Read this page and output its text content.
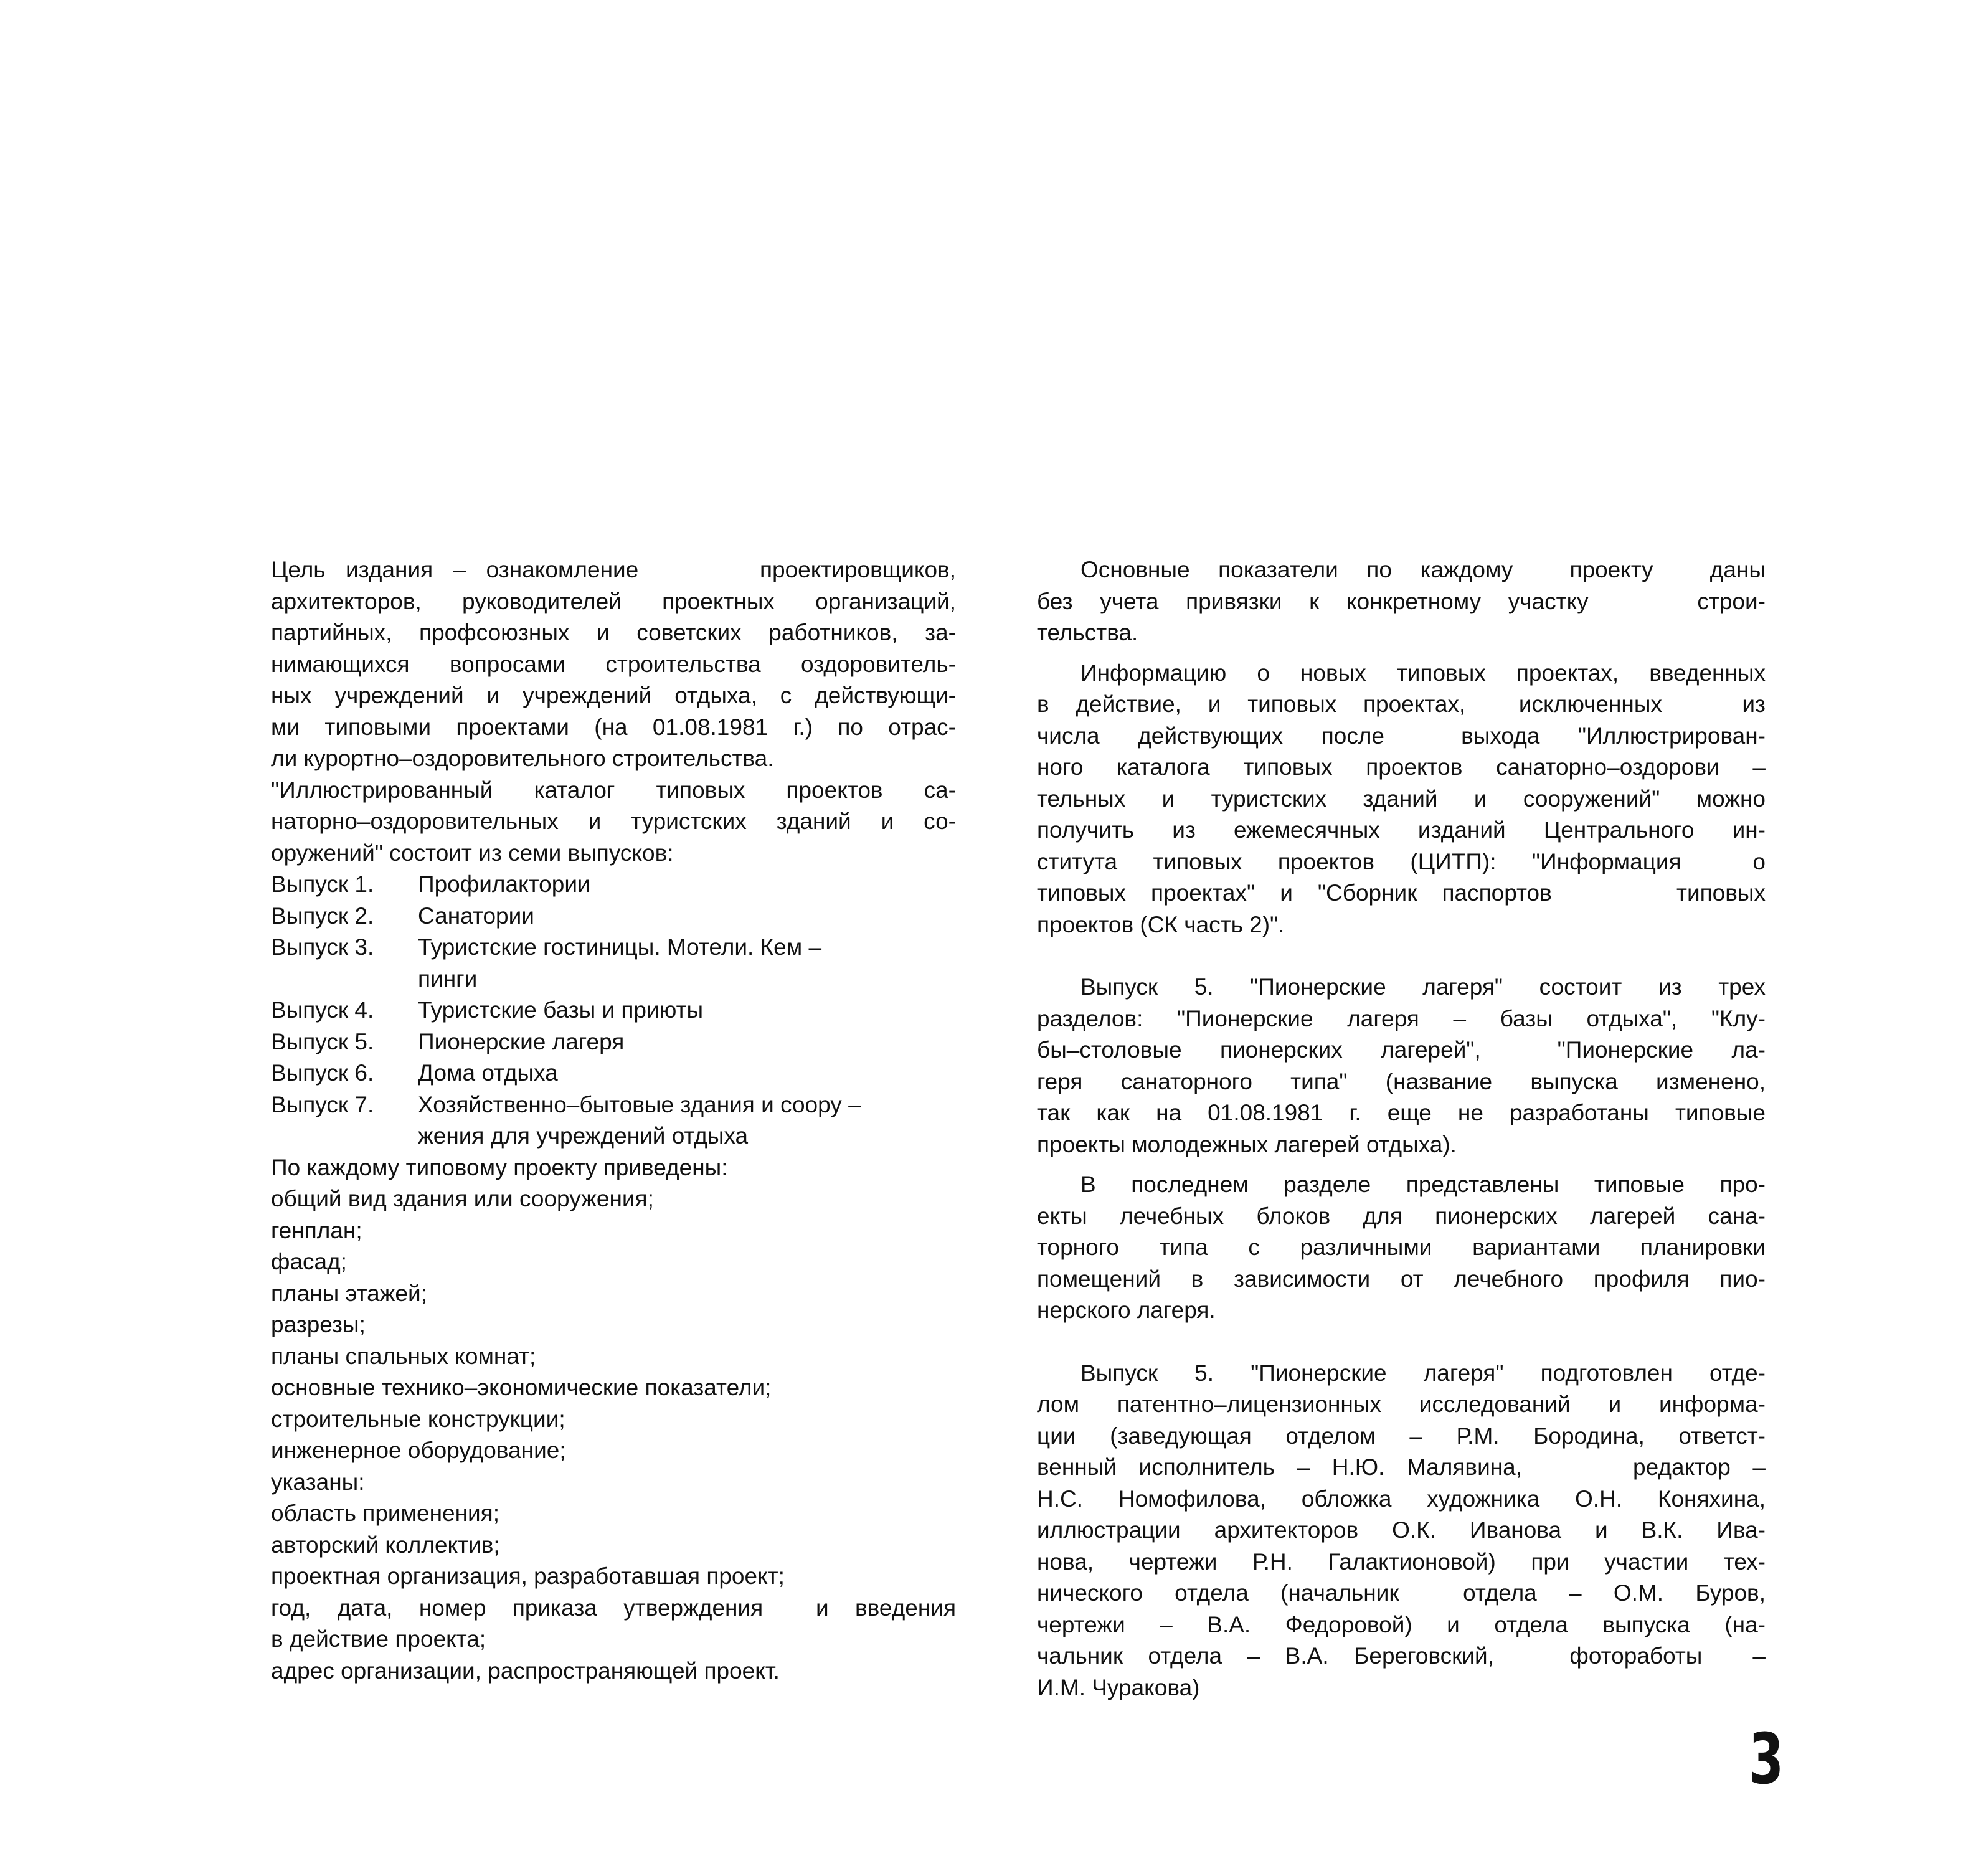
Цель издания – ознакомление      проектировщиков,
архитекторов, руководителей проектных организаций,
партийных, профсоюзных и советских работников, за-
нимающихся вопросами строительства оздоровитель-
ных учреждений и учреждений отдыха, с действующи-
ми типовыми проектами (на 01.08.1981 г.) по отрас-
ли курортно–оздоровительного строительства.
"Иллюстрированный каталог типовых проектов са-
наторно–оздоровительных и туристских зданий и со-
оружений" состоит из семи выпусков:
Выпуск 1.	Профилактории
Выпуск 2.	Санатории
Выпуск 3.	Туристские гостиницы. Мотели. Кем –
пинги
Выпуск 4.	Туристские базы и приюты
Выпуск 5.	Пионерские лагеря
Выпуск 6.	Дома отдыха
Выпуск 7.	Хозяйственно–бытовые здания и соору –
жения для учреждений отдыха
По каждому типовому проекту приведены:
общий вид здания или сооружения;
генплан;
фасад;
планы этажей;
разрезы;
планы спальных комнат;
основные технико–экономические показатели;
строительные конструкции;
инженерное оборудование;
указаны:
область применения;
авторский коллектив;
проектная организация, разработавшая проект;
год, дата, номер приказа утверждения  и введения
в действие проекта;
адрес организации, распространяющей проект.
Основные показатели по каждому  проекту  даны
без учета привязки к конкретному участку    строи-
тельства.
Информацию о новых типовых проектах, введенных
в действие, и типовых проектах,  исключенных   из
числа действующих после  выхода "Иллюстрирован-
ного каталога типовых проектов санаторно–оздорови –
тельных и туристских зданий и сооружений" можно
получить из ежемесячных изданий Центрального ин-
ститута типовых проектов (ЦИТП): "Информация  о
типовых проектах" и "Сборник паспортов     типовых
проектов (СК часть 2)".
Выпуск 5. "Пионерские лагеря" состоит из трех
разделов: "Пионерские лагеря – базы отдыха", "Клу-
бы–столовые пионерских лагерей",  "Пионерские ла-
геря санаторного типа" (название выпуска изменено,
так как на 01.08.1981 г. еще не разработаны типовые
проекты молодежных лагерей отдыха).
В последнем разделе представлены типовые про-
екты лечебных блоков для пионерских лагерей сана-
торного типа с различными вариантами планировки
помещений в зависимости от лечебного профиля пио-
нерского лагеря.
Выпуск 5. "Пионерские лагеря" подготовлен отде-
лом патентно–лицензионных исследований и информа-
ции (заведующая отделом – Р.М. Бородина, ответст-
венный исполнитель – Н.Ю. Малявина,     редактор –
Н.С. Номофилова, обложка художника О.Н. Коняхина,
иллюстрации архитекторов О.К. Иванова и В.К. Ива-
нова, чертежи Р.Н. Галактионовой) при участии тех-
нического отдела (начальник  отдела – О.М. Буров,
чертежи – В.А. Федоровой) и отдела выпуска (на-
чальник отдела – В.А. Береговский,   фотоработы  –
И.М. Чуракова)
3
